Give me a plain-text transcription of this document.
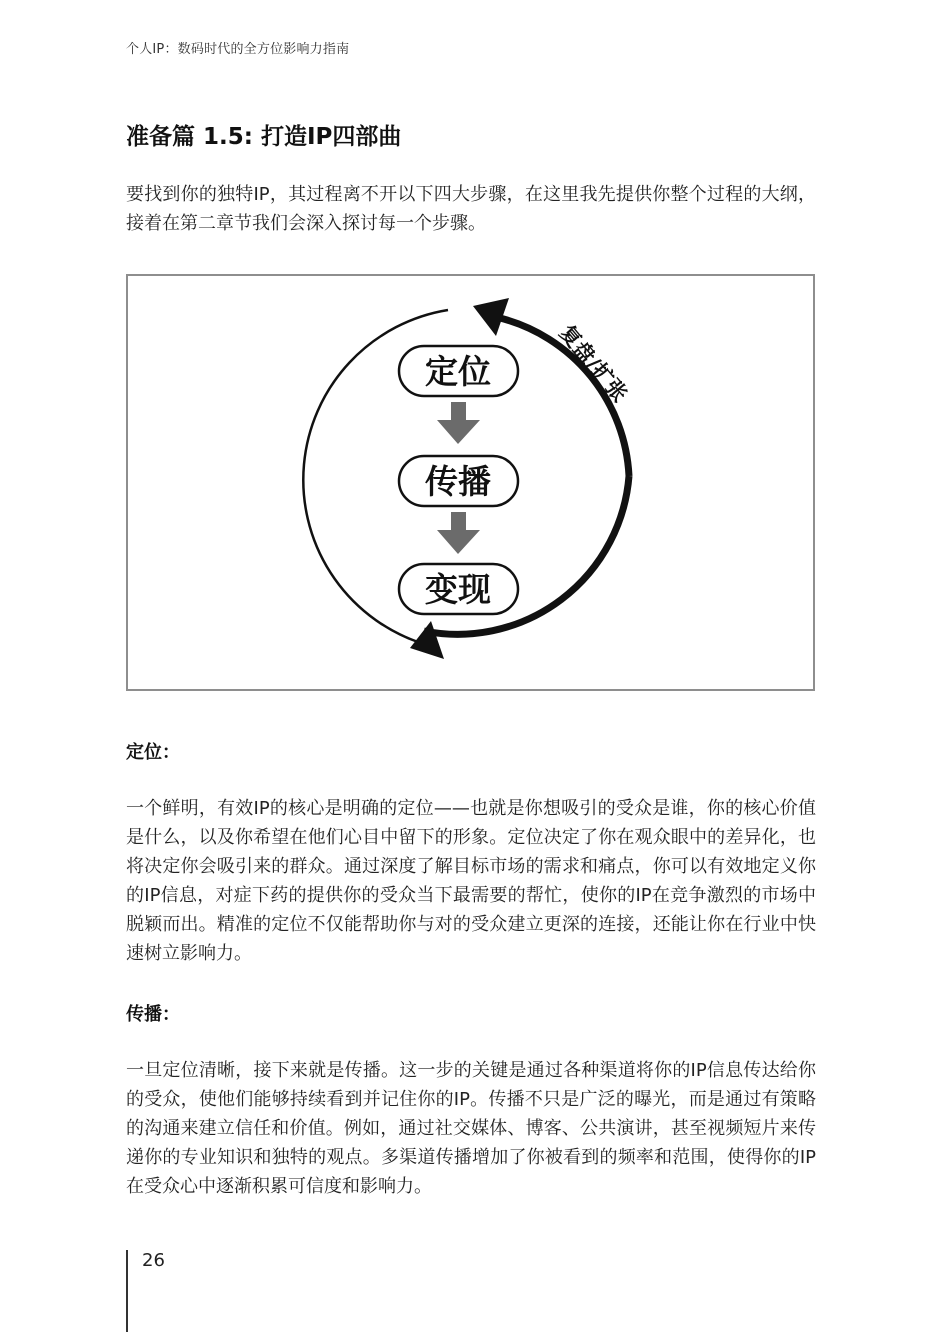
个人IP：数码时代的全方位影响力指南
准备篇 1.5: 打造IP四部曲

要找到你的独特IP，其过程离不开以下四大步骤，在这里我先提供你整个过程的大纲，接着在第二章节我们会深入探讨每一个步骤。

定位
传播
变现
复盘/扩张
定位：

一个鲜明，有效IP的核心是明确的定位——也就是你想吸引的受众是谁，你的核心价值是什么，以及你希望在他们心目中留下的形象。定位决定了你在观众眼中的差异化，也将决定你会吸引来的群众。通过深度了解目标市场的需求和痛点，你可以有效地定义你的IP信息，对症下药的提供你的受众当下最需要的帮忙，使你的IP在竞争激烈的市场中脱颖而出。精准的定位不仅能帮助你与对的受众建立更深的连接，还能让你在行业中快速树立影响力。

传播：

一旦定位清晰，接下来就是传播。这一步的关键是通过各种渠道将你的IP信息传达给你的受众，使他们能够持续看到并记住你的IP。传播不只是广泛的曝光，而是通过有策略的沟通来建立信任和价值。例如，通过社交媒体、博客、公共演讲，甚至视频短片来传递你的专业知识和独特的观点。多渠道传播增加了你被看到的频率和范围，使得你的IP在受众心中逐渐积累可信度和影响力。

26
